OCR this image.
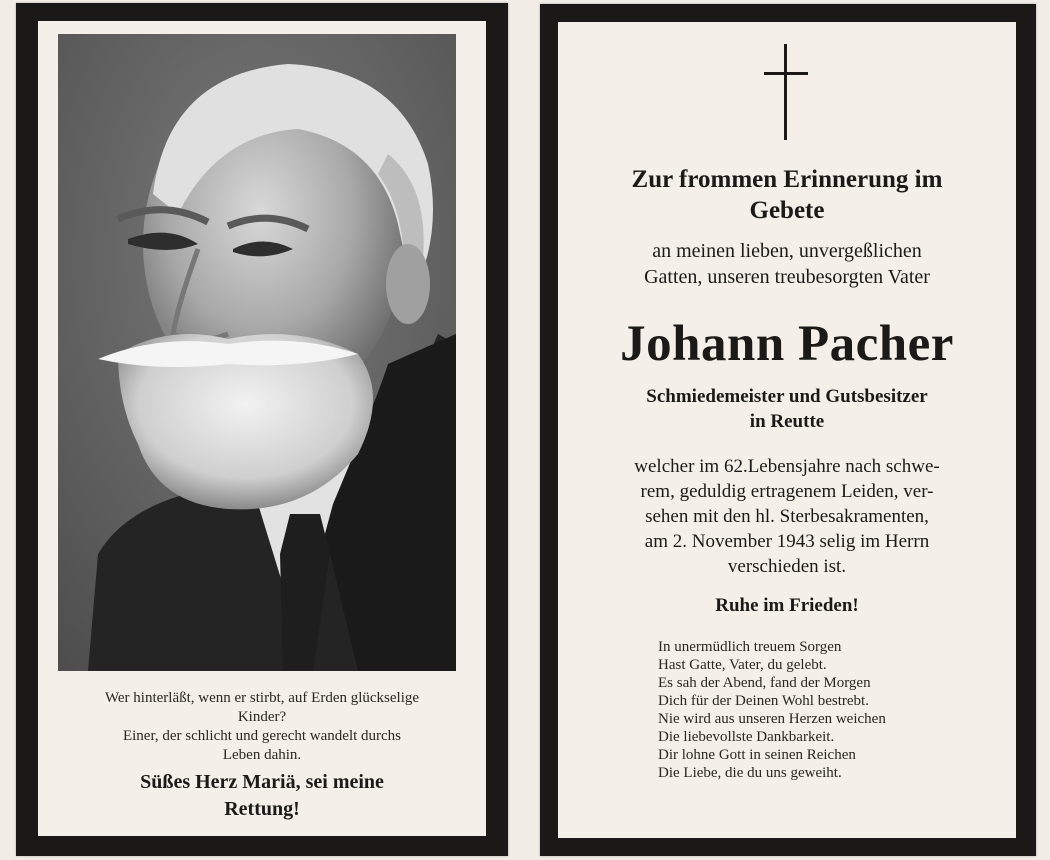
Wer hinterläßt, wenn er stirbt, auf Erden glückselige
Kinder?
Einer, der schlicht und gerecht wandelt durchs
Leben dahin.
Süßes Herz Mariä, sei meine
Rettung!
Zur frommen Erinnerung im
Gebete
an meinen lieben, unvergeßlichen
Gatten, unseren treubesorgten Vater
Johann Pacher
Schmiedemeister und Gutsbesitzer
in Reutte
welcher im 62.Lebensjahre nach schwe-
rem, geduldig ertragenem Leiden, ver-
sehen mit den hl. Sterbesakramenten,
am 2. November 1943 selig im Herrn
verschieden ist.
Ruhe im Frieden!
In unermüdlich treuem Sorgen
Hast Gatte, Vater, du gelebt.
Es sah der Abend, fand der Morgen
Dich für der Deinen Wohl bestrebt.
Nie wird aus unseren Herzen weichen
Die liebevollste Dankbarkeit.
Dir lohne Gott in seinen Reichen
Die Liebe, die du uns geweiht.
